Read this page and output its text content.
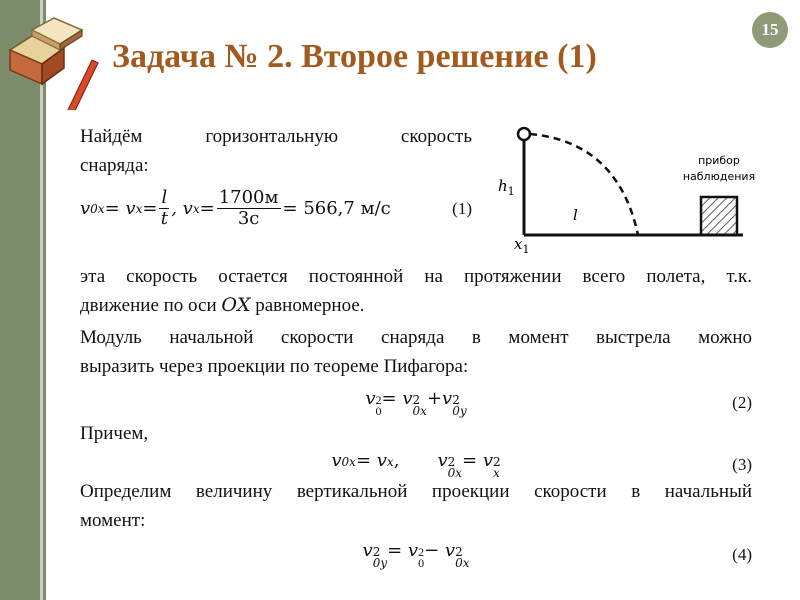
Задача № 2. Второе решение (1)
15
Найдём	горизонтальную	скорость
снаряда:
𝑣 0𝑥 = 𝑣 𝑥 = $\frac{\text{𝑙}}{\text{𝑡}}$ , 𝑣 𝑥 = $\frac{1700м}{3с} = 566,7$ м/с	(1)
ℎ$_1$
𝑙
𝑥$_1$
прибор
наблюдения
эта скорость остается постоянной на протяжении всего полета, т.к.
движение по оси 𝑂𝑋 равномерное.
Модуль начальной скорости снаряда в момент выстрела можно
выразить через проекции по теореме Пифагора:
𝑣 2
0
= 𝑣 2
0𝑥
+𝑣 2
0𝑦	(2)
Причем,
𝑣 0𝑥 = 𝑣 𝑥 , 𝑣 2
0𝑥
= 𝑣 2
𝑥	(3)
Определим величину вертикальной проекции скорости в начальный
момент:
𝑣 2
0𝑦
= 𝑣 2
0
− 𝑣 2
0𝑥	(4)
